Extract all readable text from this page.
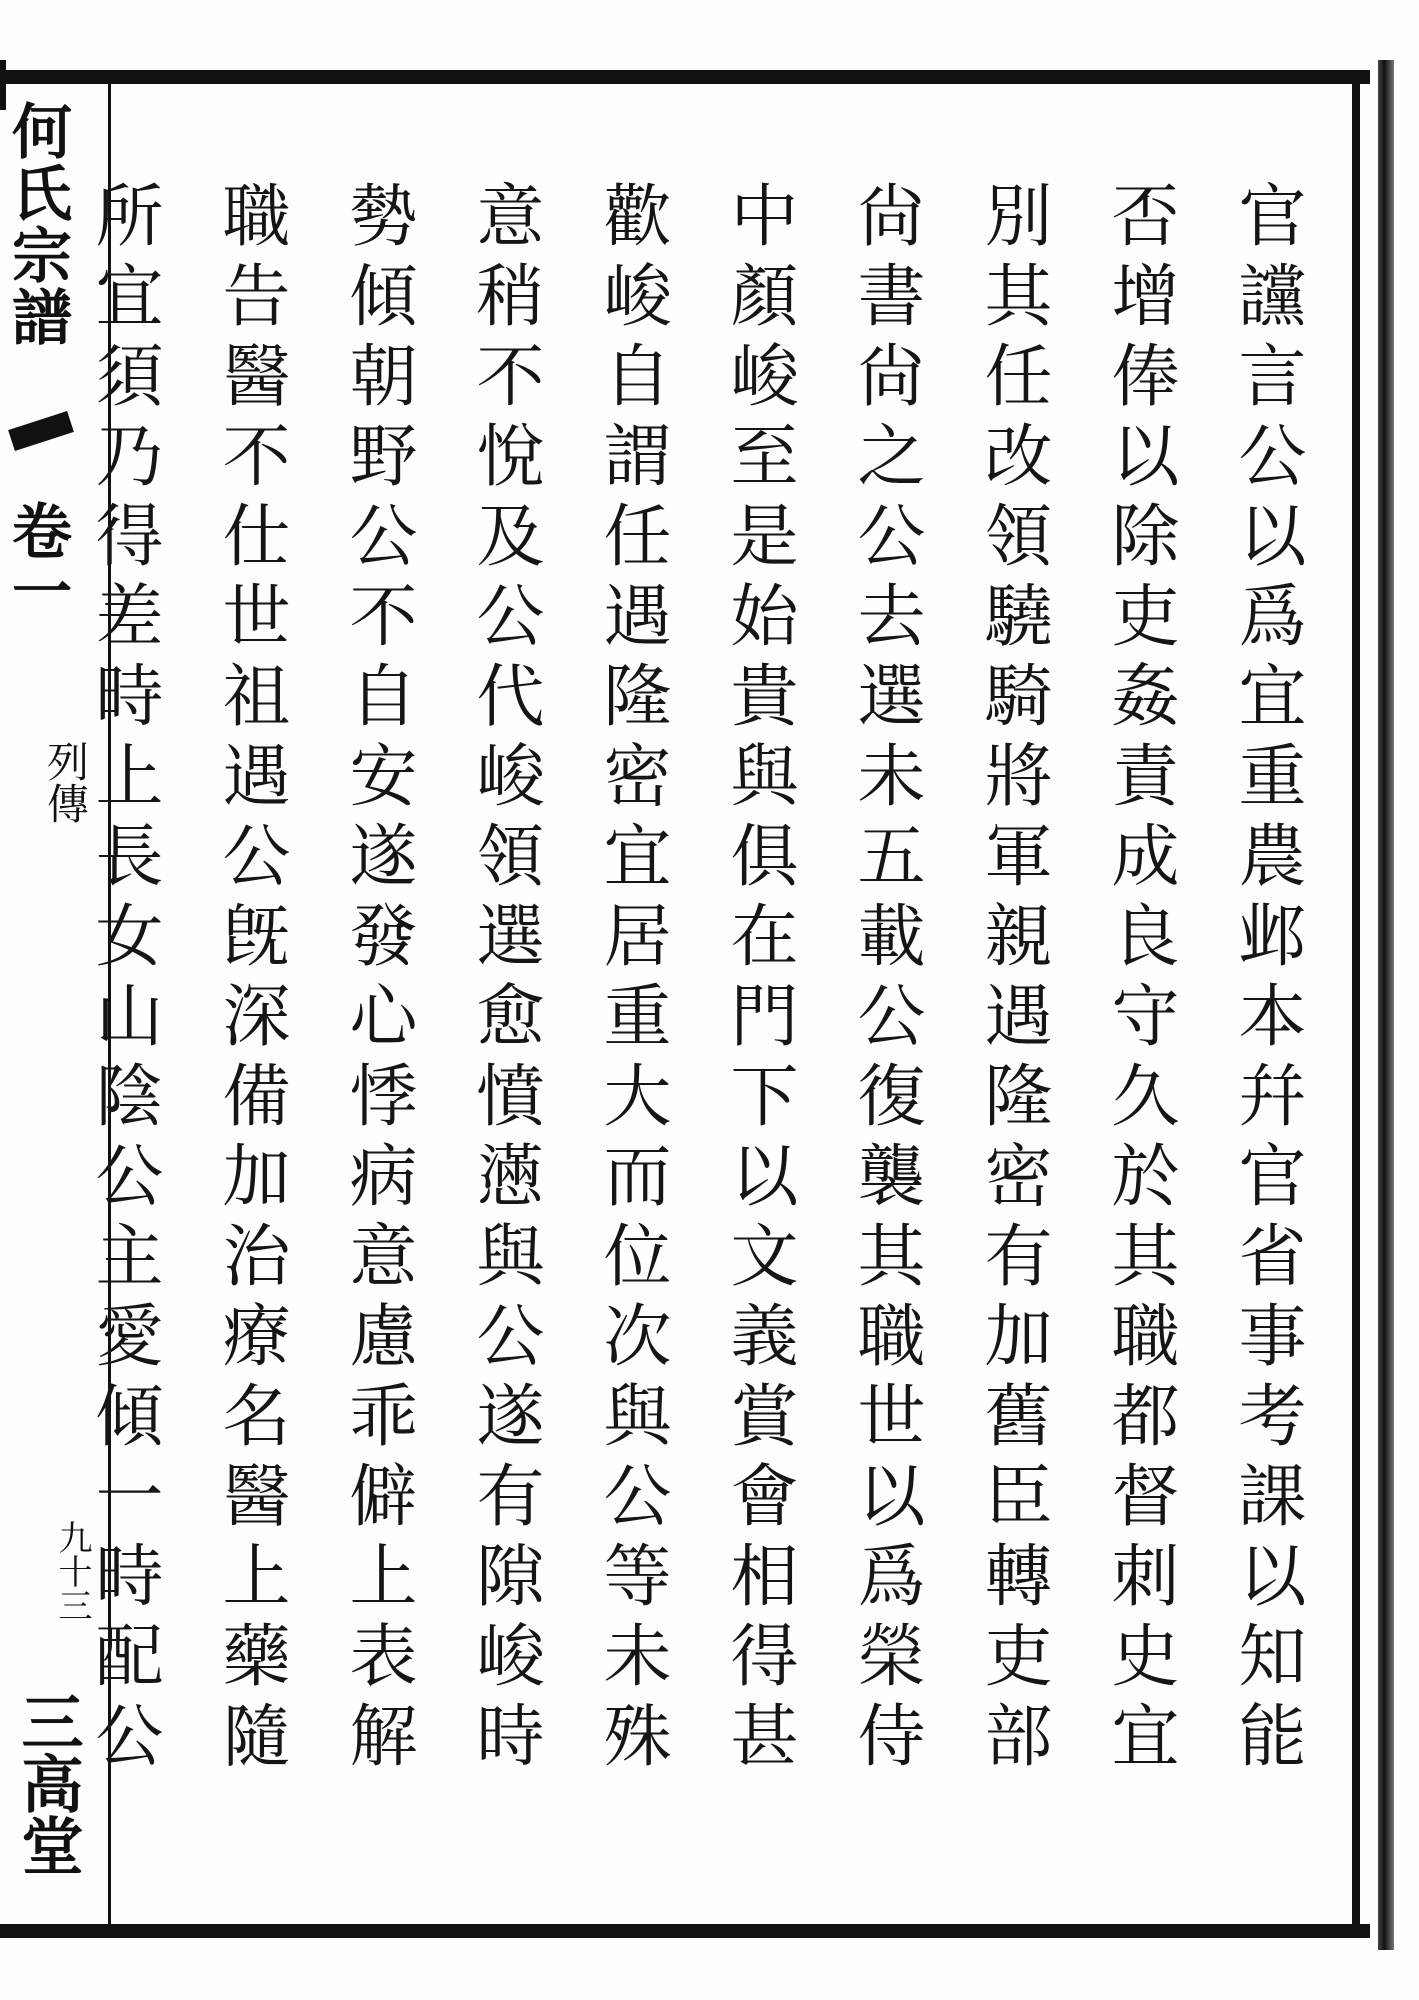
何氏宗譜
卷一
列傳
九十三
三高堂
官讜言公以爲宜重農邺本幷官省事考課以知能
否增俸以除吏姦責成良守久於其職都督刺史宜
別其任改領驍騎將軍親遇隆密有加舊臣轉吏部
尙書尙之公去選未五載公復襲其職世以爲榮侍
中顏峻至是始貴與俱在門下以文義賞會相得甚
歡峻自謂任遇隆密宜居重大而位次與公等未殊
意稍不悅及公代峻領選愈憤懣與公遂有隙峻時
勢傾朝野公不自安遂發心悸病意慮乖僻上表解
職告醫不仕世祖遇公旣深備加治療名醫上藥隨
所宜須乃得差時上長女山陰公主愛傾一時配公
